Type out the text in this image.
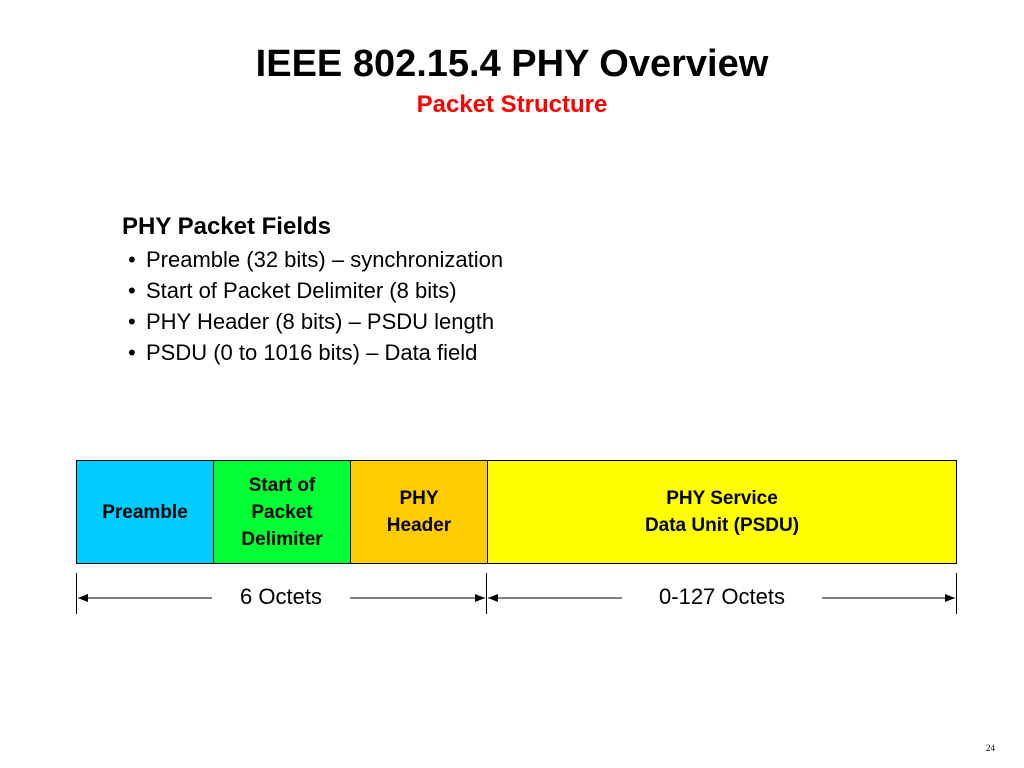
IEEE 802.15.4 PHY Overview
Packet Structure
PHY Packet Fields
• Preamble (32 bits) – synchronization
• Start of Packet Delimiter (8 bits)
• PHY Header (8 bits) – PSDU length
• PSDU (0 to 1016 bits) – Data field
Preamble
Start of
Packet
Delimiter
PHY
Header
PHY Service
Data Unit (PSDU)
6 Octets	0-127 Octets
24
